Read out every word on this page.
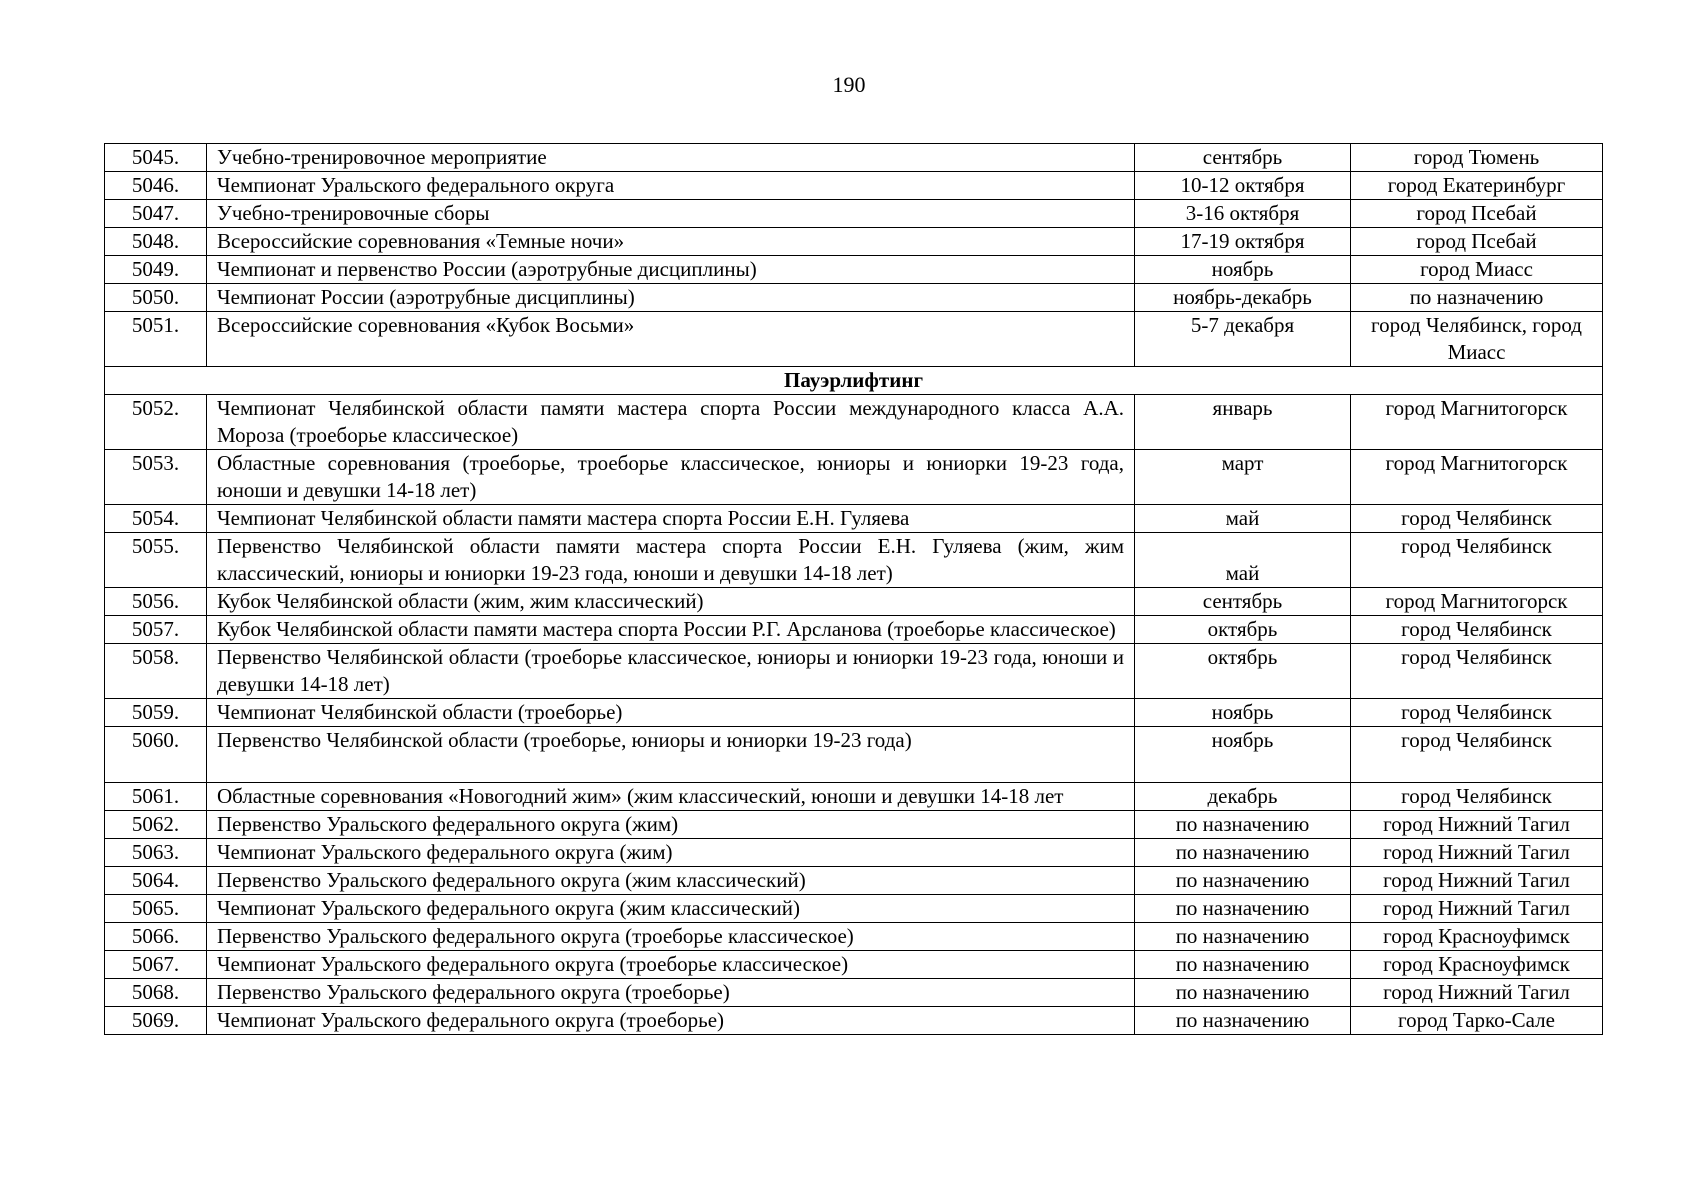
190
5045.	Учебно-тренировочное мероприятие	сентябрь	город Тюмень
5046.	Чемпионат Уральского федерального округа	10-12 октября	город Екатеринбург
5047.	Учебно-тренировочные сборы	3-16 октября	город Псебай
5048.	Всероссийские соревнования «Темные ночи»	17-19 октября	город Псебай
5049.	Чемпионат и первенство России (аэротрубные дисциплины)	ноябрь	город Миасс
5050.	Чемпионат России (аэротрубные дисциплины)	ноябрь-декабрь	по назначению
5051.	Всероссийские соревнования «Кубок Восьми»	5-7 декабря	город Челябинск, город Миасс
Пауэрлифтинг			
5052.	Чемпионат Челябинской области памяти мастера спорта России международного класса А.А. Мороза (троеборье классическое)	январь	город Магнитогорск
5053.	Областные соревнования (троеборье, троеборье классическое, юниоры и юниорки 19-23 года, юноши и девушки 14-18 лет)	март	город Магнитогорск
5054.	Чемпионат Челябинской области памяти мастера спорта России Е.Н. Гуляева	май	город Челябинск
5055.	Первенство Челябинской области памяти мастера спорта России Е.Н. Гуляева (жим, жим классический, юниоры и юниорки 19-23 года, юноши и девушки 14-18 лет)	май	город Челябинск
5056.	Кубок Челябинской области (жим, жим классический)	сентябрь	город Магнитогорск
5057.	Кубок Челябинской области памяти мастера спорта России Р.Г. Арсланова (троеборье классическое)	октябрь	город Челябинск
5058.	Первенство Челябинской области (троеборье классическое, юниоры и юниорки 19-23 года, юноши и девушки 14-18 лет)	октябрь	город Челябинск
5059.	Чемпионат Челябинской области (троеборье)	ноябрь	город Челябинск
5060.	Первенство Челябинской области (троеборье, юниоры и юниорки 19-23 года)	ноябрь	город Челябинск
5061.	Областные соревнования «Новогодний жим» (жим классический, юноши и девушки 14-18 лет	декабрь	город Челябинск
5062.	Первенство Уральского федерального округа (жим)	по назначению	город Нижний Тагил
5063.	Чемпионат Уральского федерального округа (жим)	по назначению	город Нижний Тагил
5064.	Первенство Уральского федерального округа (жим классический)	по назначению	город Нижний Тагил
5065.	Чемпионат Уральского федерального округа (жим классический)	по назначению	город Нижний Тагил
5066.	Первенство Уральского федерального округа (троеборье классическое)	по назначению	город Красноуфимск
5067.	Чемпионат Уральского федерального округа (троеборье классическое)	по назначению	город Красноуфимск
5068.	Первенство Уральского федерального округа (троеборье)	по назначению	город Нижний Тагил
5069.	Чемпионат Уральского федерального округа (троеборье)	по назначению	город Тарко-Сале
